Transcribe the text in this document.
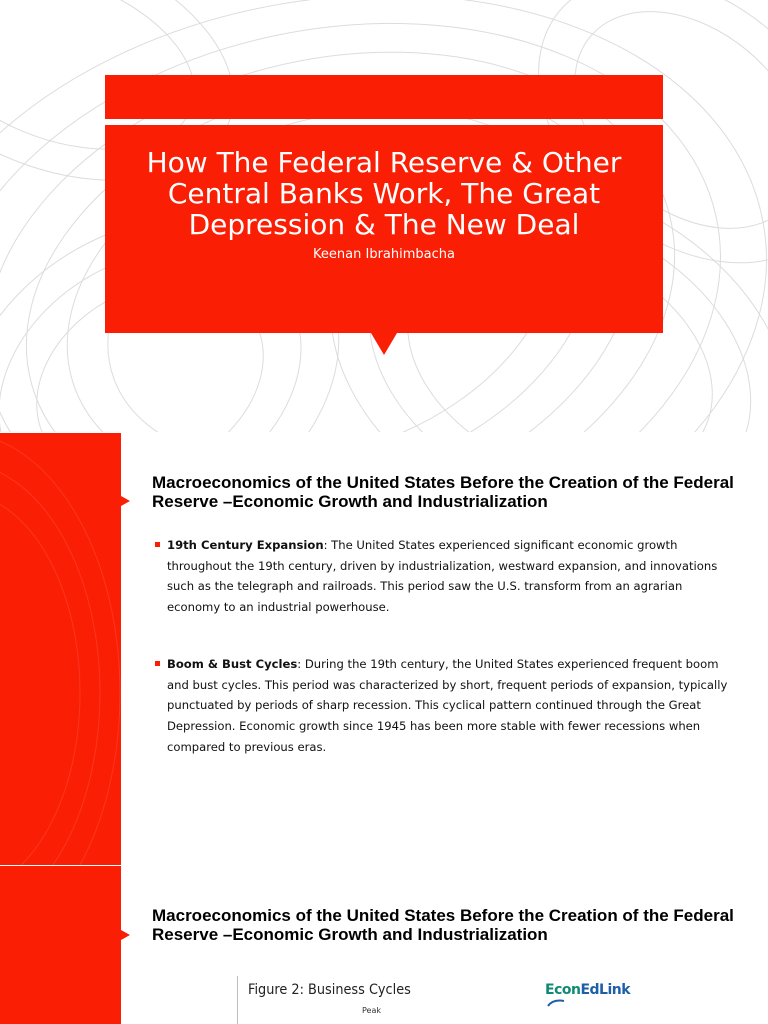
How The Federal Reserve & Other Central Banks Work, The Great Depression & The New Deal
Keenan Ibrahimbacha
Macroeconomics of the United States Before the Creation of the Federal Reserve –Economic Growth and Industrialization
19th Century Expansion: The United States experienced significant economic growth throughout the 19th century, driven by industrialization, westward expansion, and innovations such as the telegraph and railroads. This period saw the U.S. transform from an agrarian economy to an industrial powerhouse.
Boom & Bust Cycles: During the 19th century, the United States experienced frequent boom and bust cycles. This period was characterized by short, frequent periods of expansion, typically punctuated by periods of sharp recession. This cyclical pattern continued through the Great Depression. Economic growth since 1945 has been more stable with fewer recessions when compared to previous eras.
Macroeconomics of the United States Before the Creation of the Federal Reserve –Economic Growth and Industrialization
Figure 2: Business Cycles
Peak
EconEdLink
